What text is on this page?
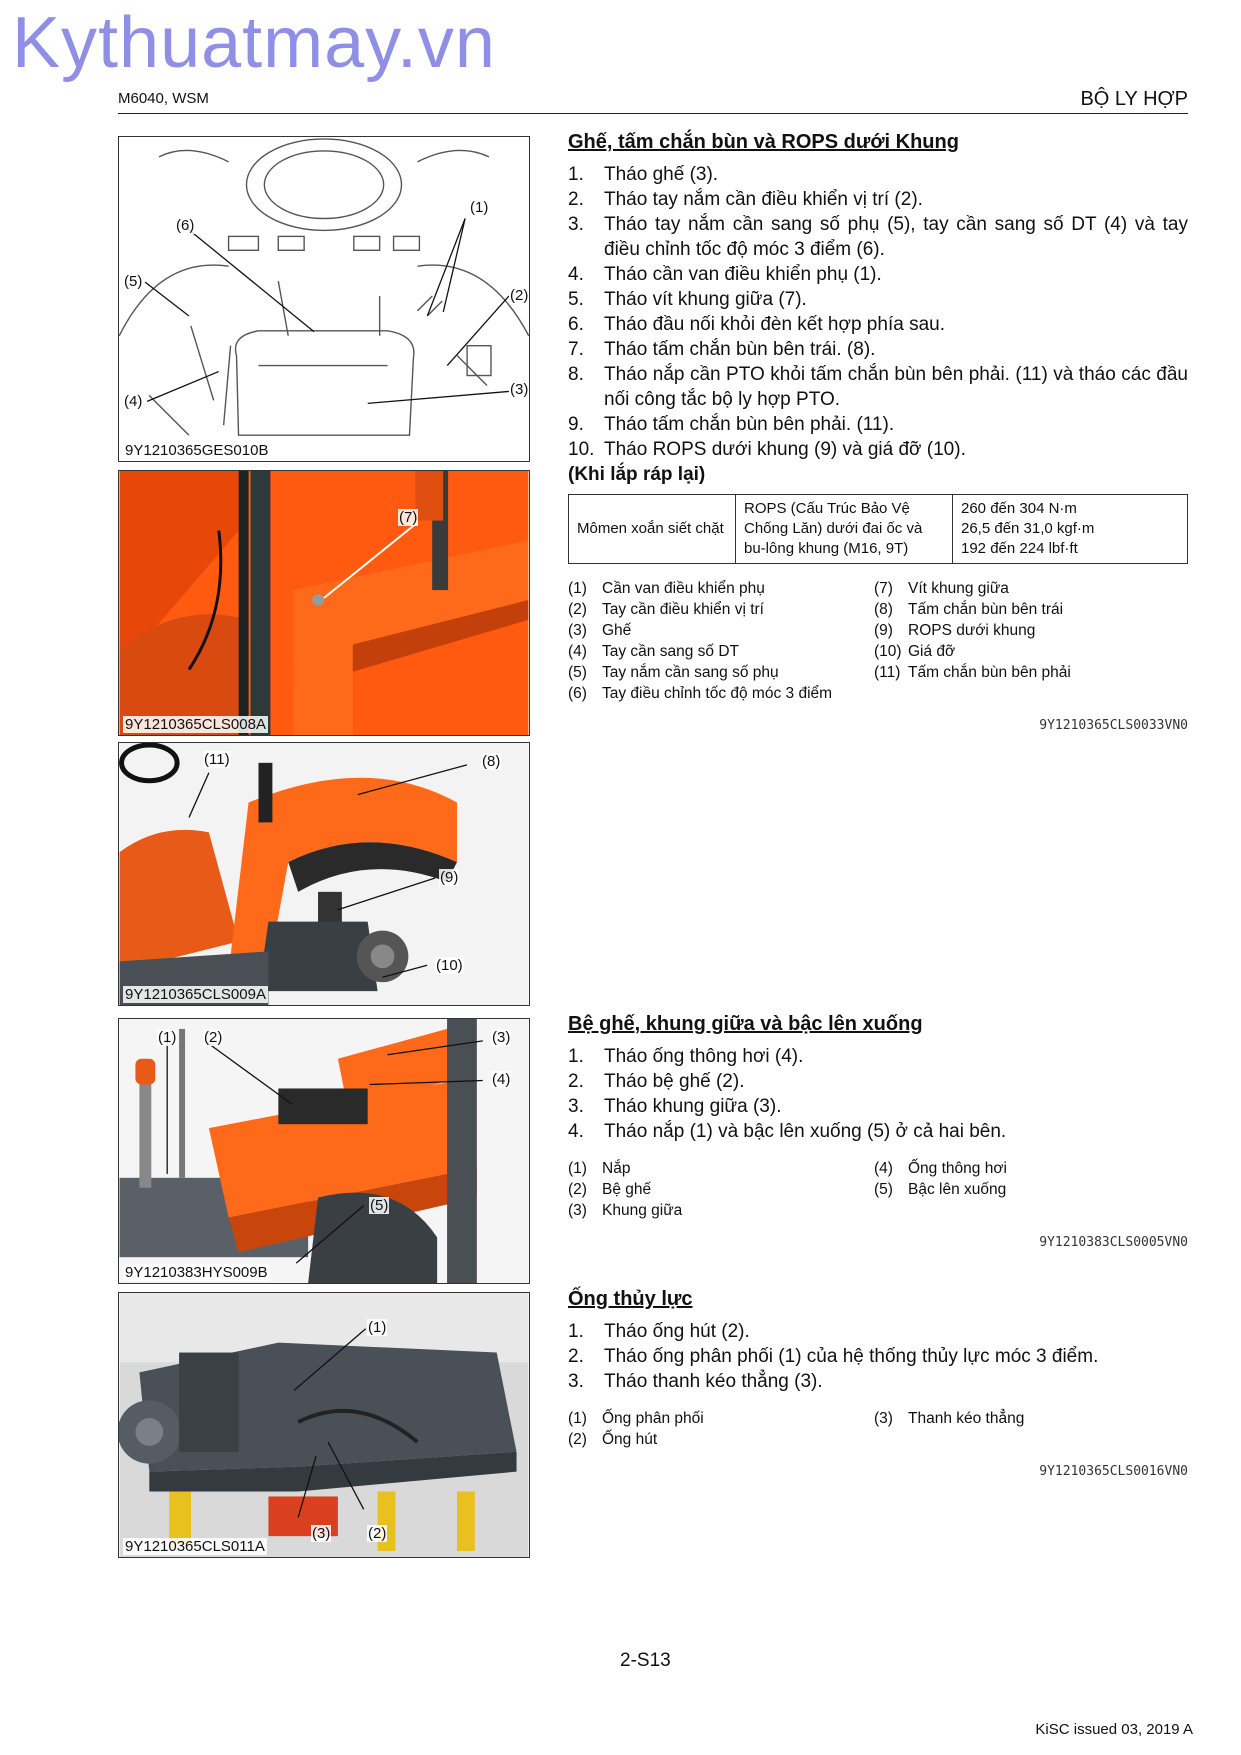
Kythuatmay.vn
M6040, WSM	BỘ LY HỢP
(1)
(6)
(5)
(2)
(4)
(3)
9Y1210365GES010B
(7)
9Y1210365CLS008A
(11)	(8)
(9)
(10)
9Y1210365CLS009A
(1) (2)	(3)
(4)
(5)
9Y1210383HYS009B
(1)
(3)	(2)
9Y1210365CLS011A
Ghế, tấm chắn bùn và ROPS dưới Khung
1.	Tháo ghế (3).
2.	Tháo tay nắm cần điều khiển vị trí (2).
3.	Tháo tay nắm cần sang số phụ (5), tay cần sang số DT (4) và tay điều chỉnh tốc độ móc 3 điểm (6).
4.	Tháo cần van điều khiển phụ (1).
5.	Tháo vít khung giữa (7).
6.	Tháo đầu nối khỏi đèn kết hợp phía sau.
7.	Tháo tấm chắn bùn bên trái. (8).
8.	Tháo nắp cần PTO khỏi tấm chắn bùn bên phải. (11) và tháo các đầu nối công tắc bộ ly hợp PTO.
9.	Tháo tấm chắn bùn bên phải. (11).
10. Tháo ROPS dưới khung (9) và giá đỡ (10).
(Khi lắp ráp lại)
Mômen xoắn siết chặt	ROPS (Cấu Trúc Bảo Vệ Chống Lăn) dưới đai ốc và bu-lông khung (M16, 9T)	
260 đến 304 N·m
26,5 đến 31,0 kgf·m
192 đến 224 lbf·ft
(1) Cần van điều khiển phụ	(7) Vít khung giữa
(2) Tay cần điều khiển vị trí	(8) Tấm chắn bùn bên trái
(3) Ghế	(9) ROPS dưới khung
(4) Tay cần sang số DT	(10) Giá đỡ
(5) Tay nắm cần sang số phụ	(11) Tấm chắn bùn bên phải
(6) Tay điều chỉnh tốc độ móc 3 điểm
9Y1210365CLS0033VN0
Bệ ghế, khung giữa và bậc lên xuống
1.	Tháo ống thông hơi (4).
2.	Tháo bệ ghế (2).
3.	Tháo khung giữa (3).
4.	Tháo nắp (1) và bậc lên xuống (5) ở cả hai bên.
(1) Nắp	(4) Ống thông hơi
(2) Bệ ghế	(5) Bậc lên xuống
(3) Khung giữa
9Y1210383CLS0005VN0
Ống thủy lực
1.	Tháo ống hút (2).
2.	Tháo ống phân phối (1) của hệ thống thủy lực móc 3 điểm.
3.	Tháo thanh kéo thẳng (3).
(1) Ống phân phối	(3) Thanh kéo thẳng
(2) Ống hút
9Y1210365CLS0016VN0
2-S13
KiSC issued 03, 2019 A
